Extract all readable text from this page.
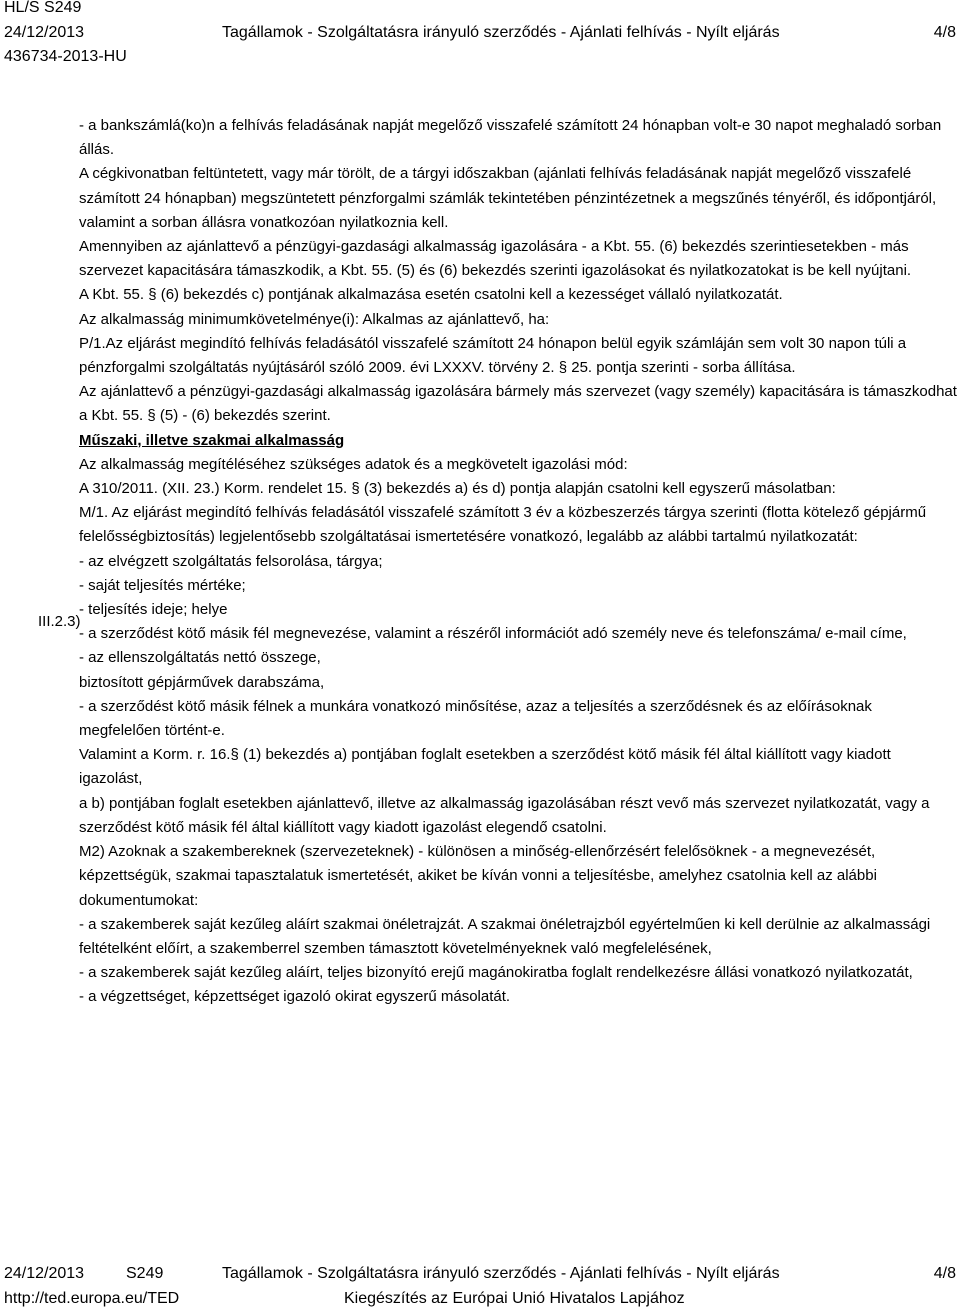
HL/S S249
24/12/2013	Tagállamok - Szolgáltatásra irányuló szerződés - Ajánlati felhívás - Nyílt eljárás	4/8
436734-2013-HU
III.2.3)

- a bankszámlá(ko)n a felhívás feladásának napját megelőző visszafelé számított 24 hónapban volt-e 30 napot meghaladó sorban állás.

A cégkivonatban feltüntetett, vagy már törölt, de a tárgyi időszakban (ajánlati felhívás feladásának napját megelőző visszafelé számított 24 hónapban) megszüntetett pénzforgalmi számlák tekintetében pénzintézetnek a megszűnés tényéről, és időpontjáról, valamint a sorban állásra vonatkozóan nyilatkoznia kell.

Amennyiben az ajánlattevő a pénzügyi-gazdasági alkalmasság igazolására - a Kbt. 55. (6) bekezdés szerintiesetekben - más szervezet kapacitására támaszkodik, a Kbt. 55. (5) és (6) bekezdés szerinti igazolásokat és nyilatkozatokat is be kell nyújtani.

A Kbt. 55. § (6) bekezdés c) pontjának alkalmazása esetén csatolni kell a kezességet vállaló nyilatkozatát.

Az alkalmasság minimumkövetelménye(i): Alkalmas az ajánlattevő, ha:

P/1.Az eljárást megindító felhívás feladásától visszafelé számított 24 hónapon belül egyik számláján sem volt 30 napon túli a pénzforgalmi szolgáltatás nyújtásáról szóló 2009. évi LXXXV. törvény 2. § 25. pontja szerinti - sorba állítása.

Az ajánlattevő a pénzügyi-gazdasági alkalmasság igazolására bármely más szervezet (vagy személy) kapacitására is támaszkodhat a Kbt. 55. § (5) - (6) bekezdés szerint.

Műszaki, illetve szakmai alkalmasság

Az alkalmasság megítéléséhez szükséges adatok és a megkövetelt igazolási mód:

A 310/2011. (XII. 23.) Korm. rendelet 15. § (3) bekezdés a) és d) pontja alapján csatolni kell egyszerű másolatban:

M/1. Az eljárást megindító felhívás feladásától visszafelé számított 3 év a közbeszerzés tárgya szerinti (flotta kötelező gépjármű felelősségbiztosítás) legjelentősebb szolgáltatásai ismertetésére vonatkozó, legalább az alábbi tartalmú nyilatkozatát:

- az elvégzett szolgáltatás felsorolása, tárgya;

- saját teljesítés mértéke;

- teljesítés ideje; helye

- a szerződést kötő másik fél megnevezése, valamint a részéről információt adó személy neve és telefonszáma/ e-mail címe,

- az ellenszolgáltatás nettó összege,

biztosított gépjárművek darabszáma,

- a szerződést kötő másik félnek a munkára vonatkozó minősítése, azaz a teljesítés a szerződésnek és az előírásoknak megfelelően történt-e.

Valamint a Korm. r. 16.§ (1) bekezdés a) pontjában foglalt esetekben a szerződést kötő másik fél által kiállított vagy kiadott igazolást,

a b) pontjában foglalt esetekben ajánlattevő, illetve az alkalmasság igazolásában részt vevő más szervezet nyilatkozatát, vagy a szerződést kötő másik fél által kiállított vagy kiadott igazolást elegendő csatolni.

M2) Azoknak a szakembereknek (szervezeteknek) - különösen a minőség-ellenőrzésért felelősöknek - a megnevezését, képzettségük, szakmai tapasztalatuk ismertetését, akiket be kíván vonni a teljesítésbe, amelyhez csatolnia kell az alábbi dokumentumokat:

- a szakemberek saját kezűleg aláírt szakmai önéletrajzát. A szakmai önéletrajzból egyértelműen ki kell derülnie az alkalmassági feltételként előírt, a szakemberrel szemben támasztott követelményeknek való megfelelésének,

- a szakemberek saját kezűleg aláírt, teljes bizonyító erejű magánokiratba foglalt rendelkezésre állási vonatkozó nyilatkozatát,

- a végzettséget, képzettséget igazoló okirat egyszerű másolatát.

24/12/2013	S249	Tagállamok - Szolgáltatásra irányuló szerződés - Ajánlati felhívás - Nyílt eljárás	4/8
http://ted.europa.eu/TED	Kiegészítés az Európai Unió Hivatalos Lapjához
